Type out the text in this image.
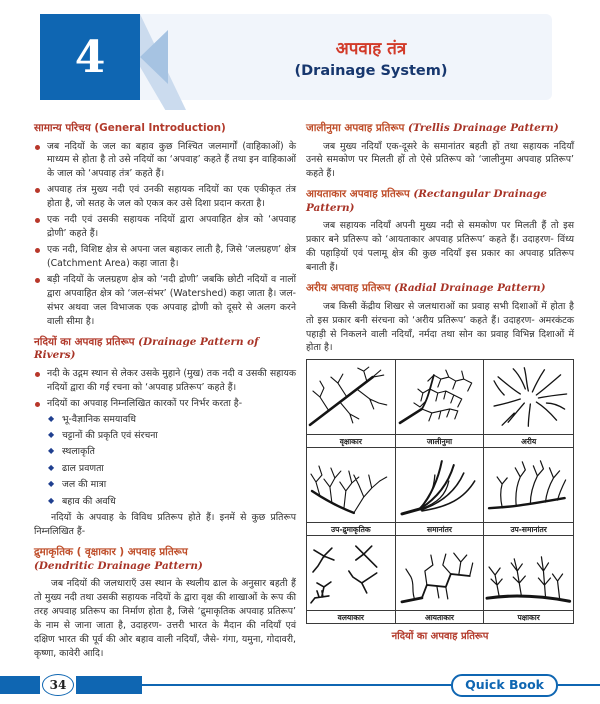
4	अपवाह तंत्र
(Drainage System)
सामान्य परिचय (General Introduction)
जब नदियों के जल का बहाव कुछ निश्चित जलमार्गों (वाहिकाओं) के माध्यम से होता है तो उसे नदियों का ‘अपवाह’ कहते हैं तथा इन वाहिकाओं के जाल को ‘अपवाह तंत्र’ कहते हैं।
अपवाह तंत्र मुख्य नदी एवं उनकी सहायक नदियों का एक एकीकृत तंत्र होता है, जो सतह के जल को एकत्र कर उसे दिशा प्रदान करता है।
एक नदी एवं उसकी सहायक नदियों द्वारा अपवाहित क्षेत्र को ‘अपवाह द्रोणी’ कहते हैं।
एक नदी, विशिष्ट क्षेत्र से अपना जल बहाकर लाती है, जिसे ‘जलग्रहण’ क्षेत्र (Catchment Area) कहा जाता है।
बड़ी नदियों के जलग्रहण क्षेत्र को ‘नदी द्रोणी’ जबकि छोटी नदियों व नालों द्वारा अपवाहित क्षेत्र को ‘जल-संभर’ (Watershed) कहा जाता है। जल-संभर अथवा जल विभाजक एक अपवाह द्रोणी को दूसरे से अलग करने वाली सीमा है।
नदियों का अपवाह प्रतिरूप (Drainage Pattern of Rivers)
नदी के उद्गम स्थान से लेकर उसके मुहाने (मुख) तक नदी व उसकी सहायक नदियों द्वारा की गई रचना को ‘अपवाह प्रतिरूप’ कहते हैं।
नदियों का अपवाह निम्नलिखित कारकों पर निर्भर करता है-
◆ भू-वैज्ञानिक समयावधि
◆ चट्टानों की प्रकृति एवं संरचना
◆ स्थलाकृति
◆ ढाल प्रवणता
◆ जल की मात्रा
◆ बहाव की अवधि

नदियों के अपवाह के विविध प्रतिरूप होते हैं। इनमें से कुछ प्रतिरूप निम्नलिखित हैं-

द्रुमाकृतिक ( वृक्षाकार ) अपवाह प्रतिरूप
(Dendritic Drainage Pattern)

जब नदियों की जलधाराएँ उस स्थान के स्थलीय ढाल के अनुसार बहती हैं तो मुख्य नदी तथा उसकी सहायक नदियों के द्वारा वृक्ष की शाखाओं के रूप की तरह अपवाह प्रतिरूप का निर्माण होता है, जिसे ‘द्रुमाकृतिक अपवाह प्रतिरूप’ के नाम से जाना जाता है, उदाहरण- उत्तरी भारत के मैदान की नदियाँ एवं दक्षिण भारत की पूर्व की ओर बहाव वाली नदियाँ, जैसे- गंगा, यमुना, गोदावरी, कृष्णा, कावेरी आदि।

जालीनुमा अपवाह प्रतिरूप (Trellis Drainage Pattern)

जब मुख्य नदियाँ एक-दूसरे के समानांतर बहती हों तथा सहायक नदियाँ उनसे समकोण पर मिलती हों तो ऐसे प्रतिरूप को ‘जालीनुमा अपवाह प्रतिरूप’ कहते हैं।

आयताकार अपवाह प्रतिरूप (Rectangular Drainage Pattern)

जब सहायक नदियाँ अपनी मुख्य नदी से समकोण पर मिलती हैं तो इस प्रकार बने प्रतिरूप को ‘आयताकार अपवाह प्रतिरूप’ कहते हैं। उदाहरण- विंध्य की पहाड़ियों एवं पलामू क्षेत्र की कुछ नदियाँ इस प्रकार का अपवाह प्रतिरूप बनाती हैं।

अरीय अपवाह प्रतिरूप (Radial Drainage Pattern)

जब किसी केंद्रीय शिखर से जलधाराओं का प्रवाह सभी दिशाओं में होता है तो इस प्रकार बनी संरचना को ‘अरीय प्रतिरूप’ कहते हैं। उदाहरण- अमरकंटक पहाड़ी से निकलने वाली नदियाँ, नर्मदा तथा सोन का प्रवाह विभिन्न दिशाओं में होता है।

वृक्षाकार	जालीनुमा	अरीय
उप-द्रुमाकृतिक	समानांतर	उप-समानांतर
वलयाकार	आयताकार	पक्षाकार
नदियों का अपवाह प्रतिरूप
34	Quick Book
